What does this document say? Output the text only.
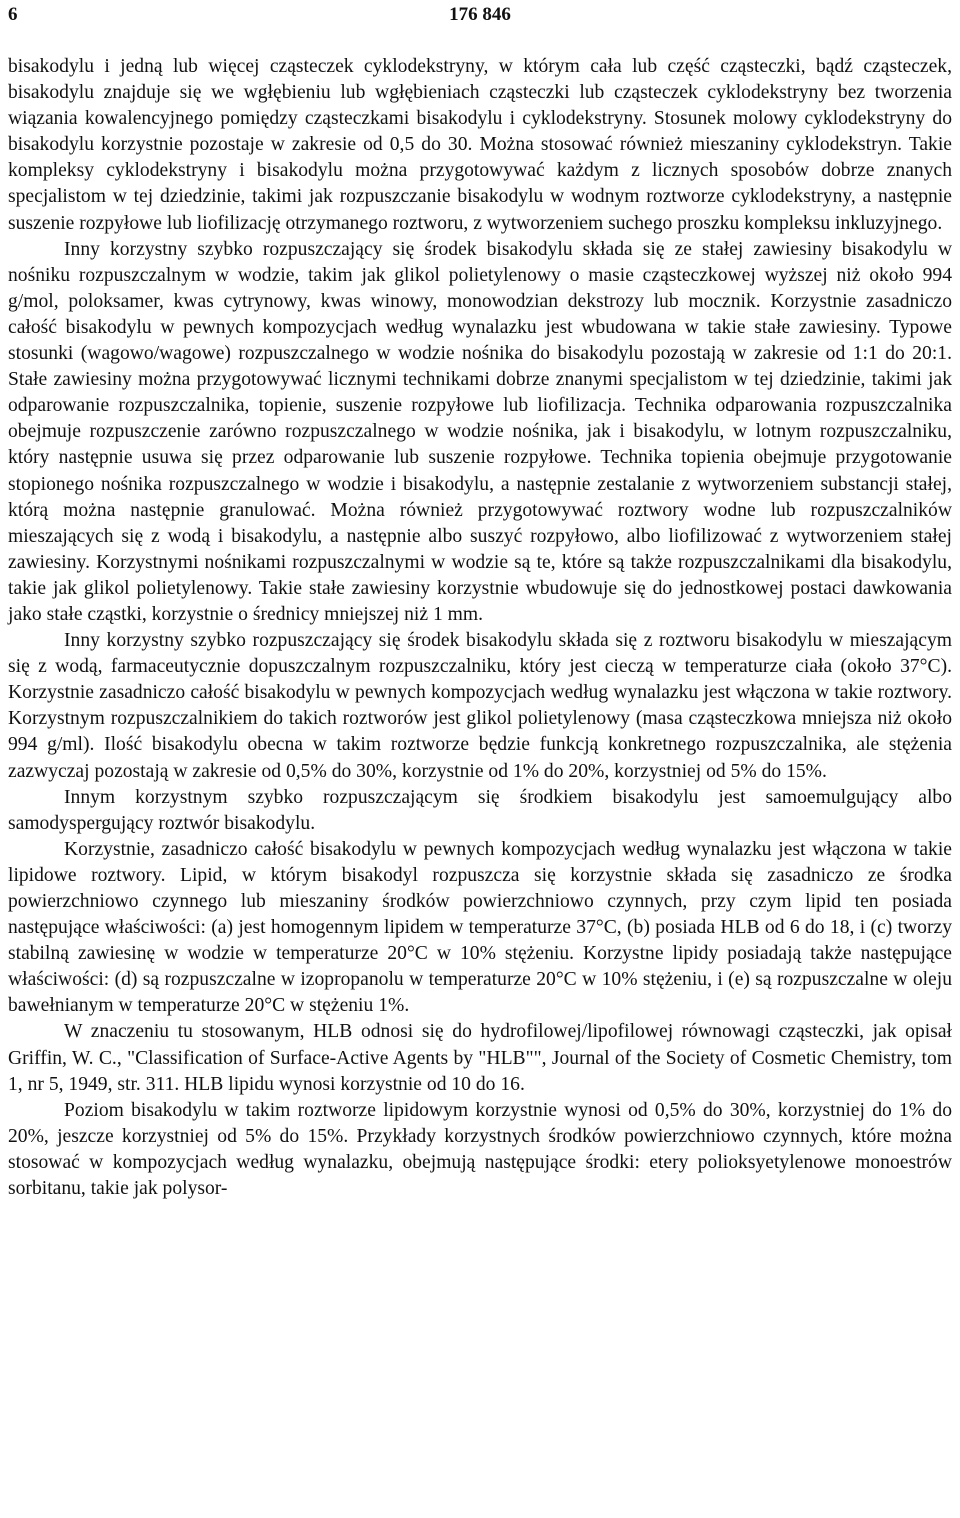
6	176 846

bisakodylu i jedną lub więcej cząsteczek cyklodekstryny, w którym cała lub część cząsteczki, bądź cząsteczek, bisakodylu znajduje się we wgłębieniu lub wgłębieniach cząsteczki lub cząsteczek cyklodekstryny bez tworzenia wiązania kowalencyjnego pomiędzy cząsteczkami bisakodylu i cyklodekstryny. Stosunek molowy cyklodekstryny do bisakodylu korzystnie pozostaje w zakresie od 0,5 do 30. Można stosować również mieszaniny cyklodekstryn. Takie kompleksy cyklodekstryny i bisakodylu można przygotowywać każdym z licznych sposobów dobrze znanych specjalistom w tej dziedzinie, takimi jak rozpuszczanie bisakodylu w wodnym roztworze cyklodekstryny, a następnie suszenie rozpyłowe lub liofilizację otrzymanego roztworu, z wytworzeniem suchego proszku kompleksu inkluzyjnego.

Inny korzystny szybko rozpuszczający się środek bisakodylu składa się ze stałej zawiesiny bisakodylu w nośniku rozpuszczalnym w wodzie, takim jak glikol polietylenowy o masie cząsteczkowej wyższej niż około 994 g/mol, poloksamer, kwas cytrynowy, kwas winowy, monowodzian dekstrozy lub mocznik. Korzystnie zasadniczo całość bisakodylu w pewnych kompozycjach według wynalazku jest wbudowana w takie stałe zawiesiny. Typowe stosunki (wagowo/wagowe) rozpuszczalnego w wodzie nośnika do bisakodylu pozostają w zakresie od 1:1 do 20:1. Stałe zawiesiny można przygotowywać licznymi technikami dobrze znanymi specjalistom w tej dziedzinie, takimi jak odparowanie rozpuszczalnika, topienie, suszenie rozpyłowe lub liofilizacja. Technika odparowania rozpuszczalnika obejmuje rozpuszczenie zarówno rozpuszczalnego w wodzie nośnika, jak i bisakodylu, w lotnym rozpuszczalniku, który następnie usuwa się przez odparowanie lub suszenie rozpyłowe. Technika topienia obejmuje przygotowanie stopionego nośnika rozpuszczalnego w wodzie i bisakodylu, a następnie zestalanie z wytworzeniem substancji stałej, którą można następnie granulować. Można również przygotowywać roztwory wodne lub rozpuszczalników mieszających się z wodą i bisakodylu, a następnie albo suszyć rozpyłowo, albo liofilizować z wytworzeniem stałej zawiesiny. Korzystnymi nośnikami rozpuszczalnymi w wodzie są te, które są także rozpuszczalnikami dla bisakodylu, takie jak glikol polietylenowy. Takie stałe zawiesiny korzystnie wbudowuje się do jednostkowej postaci dawkowania jako stałe cząstki, korzystnie o średnicy mniejszej niż 1 mm.

Inny korzystny szybko rozpuszczający się środek bisakodylu składa się z roztworu bisakodylu w mieszającym się z wodą, farmaceutycznie dopuszczalnym rozpuszczalniku, który jest cieczą w temperaturze ciała (około 37°C). Korzystnie zasadniczo całość bisakodylu w pewnych kompozycjach według wynalazku jest włączona w takie roztwory. Korzystnym rozpuszczalnikiem do takich roztworów jest glikol polietylenowy (masa cząsteczkowa mniejsza niż około 994 g/ml). Ilość bisakodylu obecna w takim roztworze będzie funkcją konkretnego rozpuszczalnika, ale stężenia zazwyczaj pozostają w zakresie od 0,5% do 30%, korzystnie od 1% do 20%, korzystniej od 5% do 15%.

Innym korzystnym szybko rozpuszczającym się środkiem bisakodylu jest samoemulgujący albo samodyspergujący roztwór bisakodylu.

Korzystnie, zasadniczo całość bisakodylu w pewnych kompozycjach według wynalazku jest włączona w takie lipidowe roztwory. Lipid, w którym bisakodyl rozpuszcza się korzystnie składa się zasadniczo ze środka powierzchniowo czynnego lub mieszaniny środków powierzchniowo czynnych, przy czym lipid ten posiada następujące właściwości: (a) jest homogennym lipidem w temperaturze 37°C, (b) posiada HLB od 6 do 18, i (c) tworzy stabilną zawiesinę w wodzie w temperaturze 20°C w 10% stężeniu. Korzystne lipidy posiadają także następujące właściwości: (d) są rozpuszczalne w izopropanolu w temperaturze 20°C w 10% stężeniu, i (e) są rozpuszczalne w oleju bawełnianym w temperaturze 20°C w stężeniu 1%.

W znaczeniu tu stosowanym, HLB odnosi się do hydrofilowej/lipofilowej równowagi cząsteczki, jak opisał Griffin, W. C., "Classification of Surface-Active Agents by "HLB"", Journal of the Society of Cosmetic Chemistry, tom 1, nr 5, 1949, str. 311. HLB lipidu wynosi korzystnie od 10 do 16.

Poziom bisakodylu w takim roztworze lipidowym korzystnie wynosi od 0,5% do 30%, korzystniej do 1% do 20%, jeszcze korzystniej od 5% do 15%. Przykłady korzystnych środków powierzchniowo czynnych, które można stosować w kompozycjach według wynalazku, obejmują następujące środki: etery polioksyetylenowe monoestrów sorbitanu, takie jak polysor-
